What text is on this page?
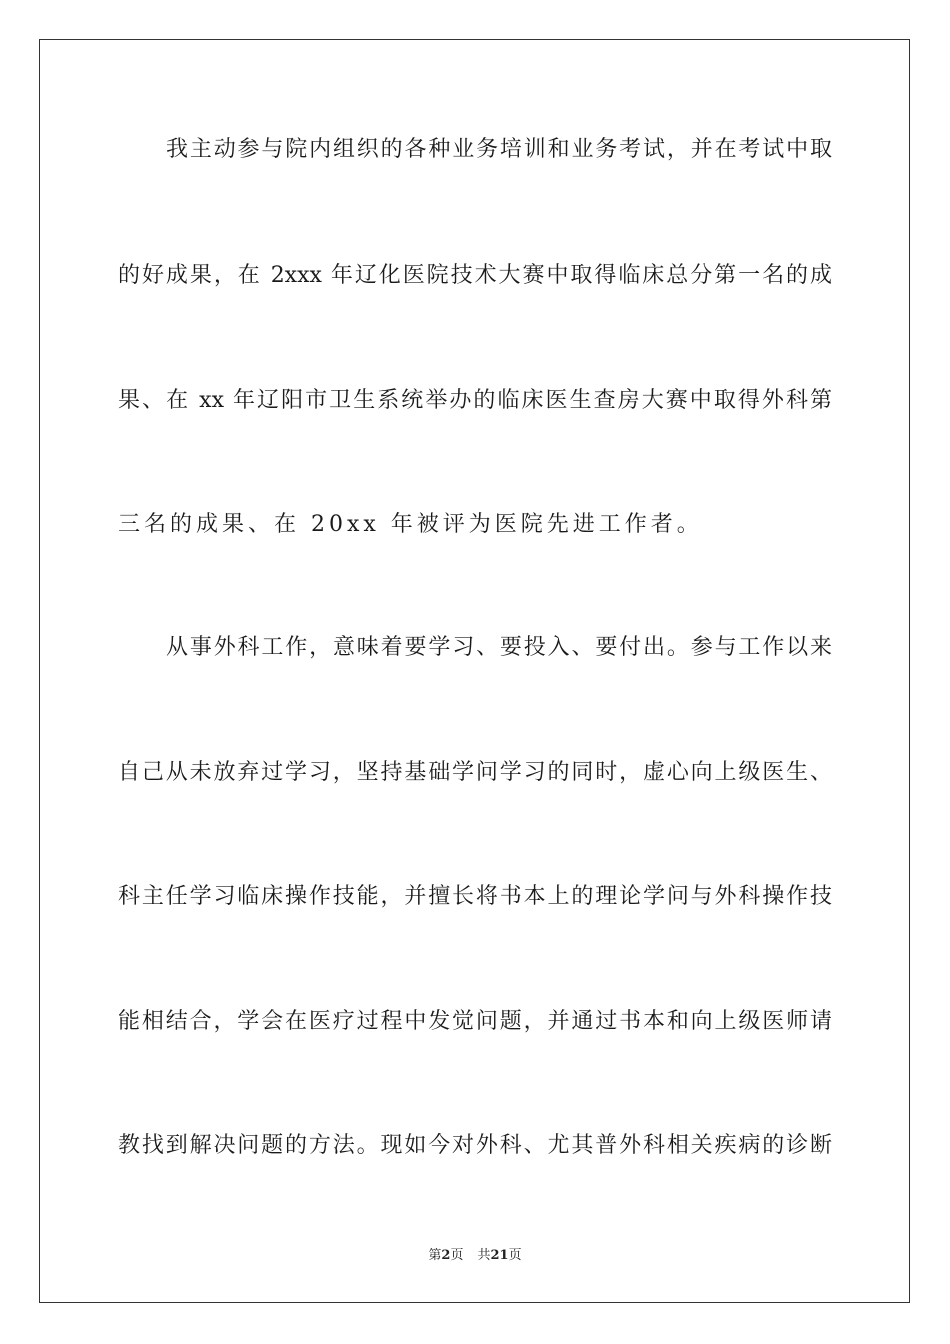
我主动参与院内组织的各种业务培训和业务考试，并在考试中取
的好成果，在 2xxx 年辽化医院技术大赛中取得临床总分第一名的成
果、在 xx 年辽阳市卫生系统举办的临床医生查房大赛中取得外科第
三名的成果、在 20xx 年被评为医院先进工作者。
从事外科工作，意味着要学习、要投入、要付出。参与工作以来
自己从未放弃过学习，坚持基础学问学习的同时，虚心向上级医生、
科主任学习临床操作技能，并擅长将书本上的理论学问与外科操作技
能相结合，学会在医疗过程中发觉问题，并通过书本和向上级医师请
教找到解决问题的方法。现如今对外科、尤其普外科相关疾病的诊断
第2页 共21页
